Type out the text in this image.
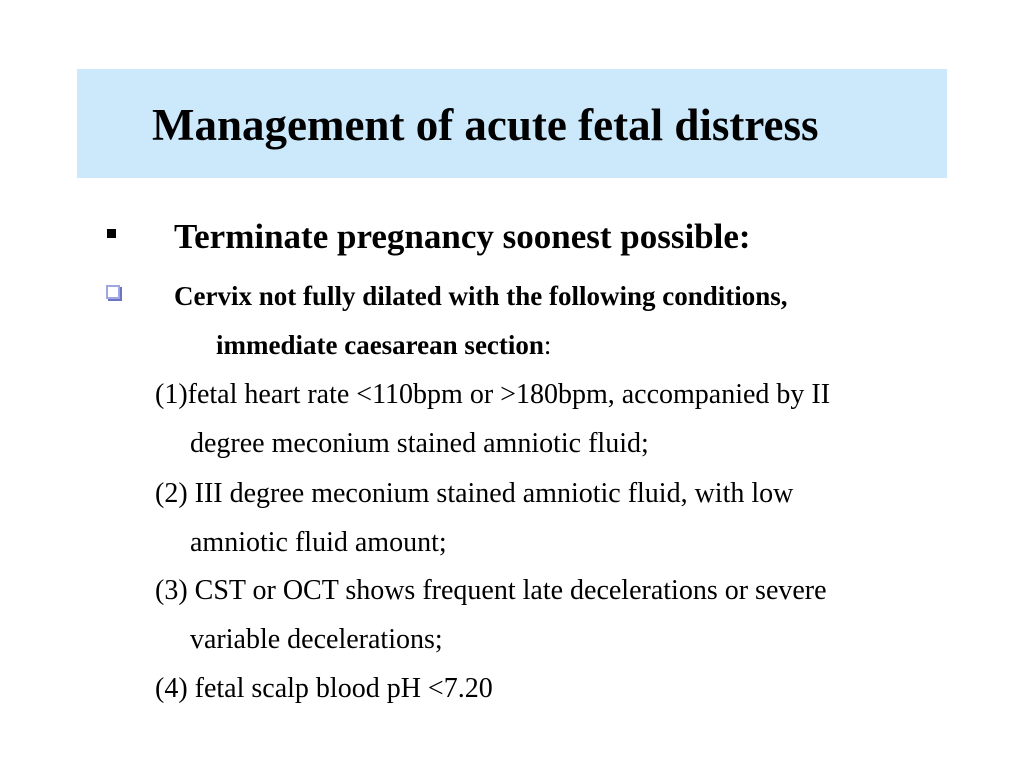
Management of acute fetal distress
Terminate pregnancy soonest possible:
Cervix not fully dilated with the following conditions,
immediate caesarean section:
(1)fetal heart rate <110bpm or >180bpm, accompanied by II
degree meconium stained amniotic fluid;
(2) III degree meconium stained amniotic fluid, with low
amniotic fluid amount;
(3) CST or OCT shows frequent late decelerations or severe
variable decelerations;
(4) fetal scalp blood pH <7.20
